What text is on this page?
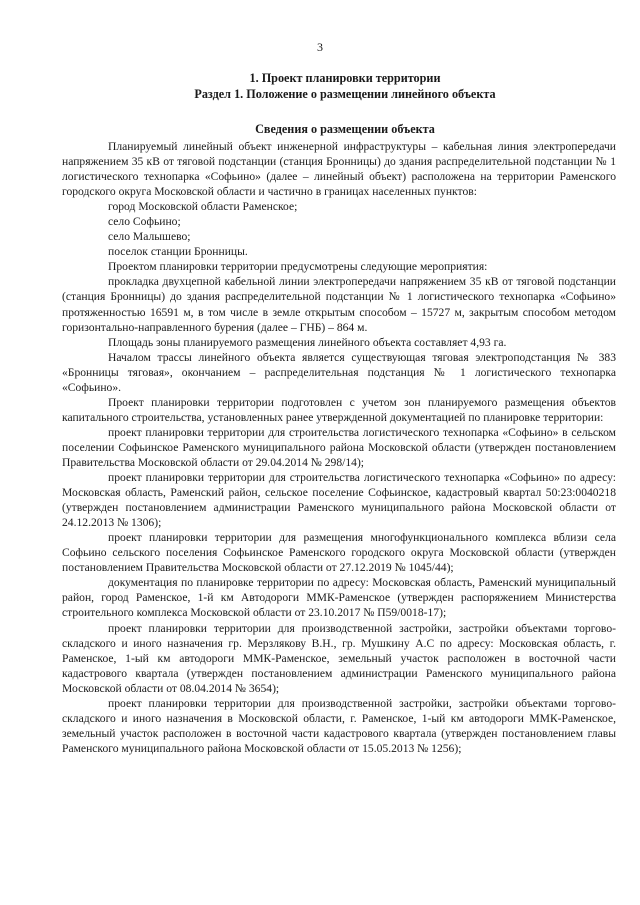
3
1. Проект планировки территории
Раздел 1. Положение о размещении линейного объекта
Сведения о размещении объекта

Планируемый линейный объект инженерной инфраструктуры – кабельная линия электропередачи напряжением 35 кВ от тяговой подстанции (станция Бронницы) до здания распределительной подстанции № 1 логистического технопарка «Софьино» (далее – линейный объект) расположена на территории Раменского городского округа Московской области и частично в границах населенных пунктов:

город Московской области Раменское;

село Софьино;

село Малышево;

поселок станции Бронницы.

Проектом планировки территории предусмотрены следующие мероприятия:

прокладка двухцепной кабельной линии электропередачи напряжением 35 кВ от тяговой подстанции (станция Бронницы) до здания распределительной подстанции № 1 логистического технопарка «Софьино» протяженностью 16591 м, в том числе в земле открытым способом – 15727 м, закрытым способом методом горизонтально-направленного бурения (далее – ГНБ) – 864 м.

Площадь зоны планируемого размещения линейного объекта составляет 4,93 га.

Началом трассы линейного объекта является существующая тяговая электроподстанция № 383 «Бронницы тяговая», окончанием – распределительная подстанция № 1 логистического технопарка «Софьино».

Проект планировки территории подготовлен с учетом зон планируемого размещения объектов капитального строительства, установленных ранее утвержденной документацией по планировке территории:

проект планировки территории для строительства логистического технопарка «Софьино» в сельском поселении Софьинское Раменского муниципального района Московской области (утвержден постановлением Правительства Московской области от 29.04.2014 № 298/14);

проект планировки территории для строительства логистического технопарка «Софьино» по адресу: Московская область, Раменский район, сельское поселение Софьинское, кадастровый квартал 50:23:0040218 (утвержден постановлением администрации Раменского муниципального района Московской области от 24.12.2013 № 1306);

проект планировки территории для размещения многофункционального комплекса вблизи села Софьино сельского поселения Софьинское Раменского городского округа Московской области (утвержден постановлением Правительства Московской области от 27.12.2019 № 1045/44);

документация по планировке территории по адресу: Московская область, Раменский муниципальный район, город Раменское, 1-й км Автодороги ММК-Раменское (утвержден распоряжением Министерства строительного комплекса Московской области от 23.10.2017 № П59/0018-17);

проект планировки территории для производственной застройки, застройки объектами торгово-складского и иного назначения гр. Мерзлякову В.Н., гр. Мушкину А.С по адресу: Московская область, г. Раменское, 1-ый км автодороги ММК-Раменское, земельный участок расположен в восточной части кадастрового квартала (утвержден постановлением администрации Раменского муниципального района Московской области от 08.04.2014 № 3654);

проект планировки территории для производственной застройки, застройки объектами торгово-складского и иного назначения в Московской области, г. Раменское, 1-ый км автодороги ММК-Раменское, земельный участок расположен в восточной части кадастрового квартала (утвержден постановлением главы Раменского муниципального района Московской области от 15.05.2013 № 1256);
